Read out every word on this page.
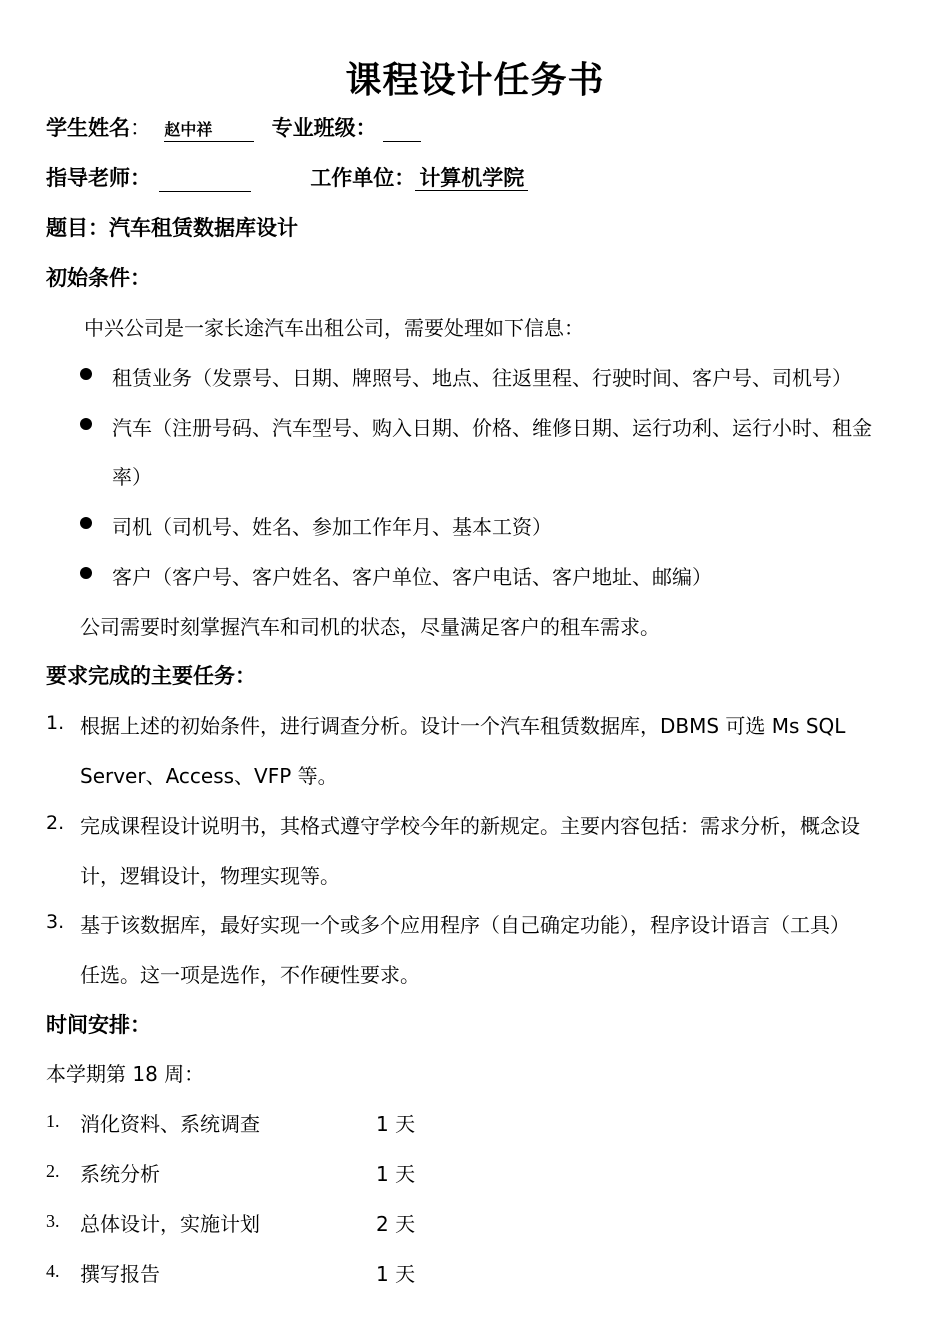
课程设计任务书
学生姓名： 赵中祥	专业班级：
指导老师：	工作单位： 计算机学院
题目：汽车租赁数据库设计
初始条件：
中兴公司是一家长途汽车出租公司，需要处理如下信息：
租赁业务（发票号、日期、牌照号、地点、往返里程、行驶时间、客户号、司机号）
汽车（注册号码、汽车型号、购入日期、价格、维修日期、运行功利、运行小时、租金
率）
司机（司机号、姓名、参加工作年月、基本工资）
客户（客户号、客户姓名、客户单位、客户电话、客户地址、邮编）
公司需要时刻掌握汽车和司机的状态，尽量满足客户的租车需求。
要求完成的主要任务：
1. 根据上述的初始条件，进行调查分析。设计一个汽车租赁数据库，DBMS 可选 Ms SQL
Server、Access、VFP 等。
2. 完成课程设计说明书，其格式遵守学校今年的新规定。主要内容包括：需求分析，概念设
计，逻辑设计，物理实现等。
3. 基于该数据库，最好实现一个或多个应用程序（自己确定功能），程序设计语言（工具）
任选。这一项是选作，不作硬性要求。
时间安排：
本学期第 18 周：
1. 消化资料、系统调查	1 天
2. 系统分析	1 天
3. 总体设计，实施计划	2 天
4. 撰写报告	1 天
